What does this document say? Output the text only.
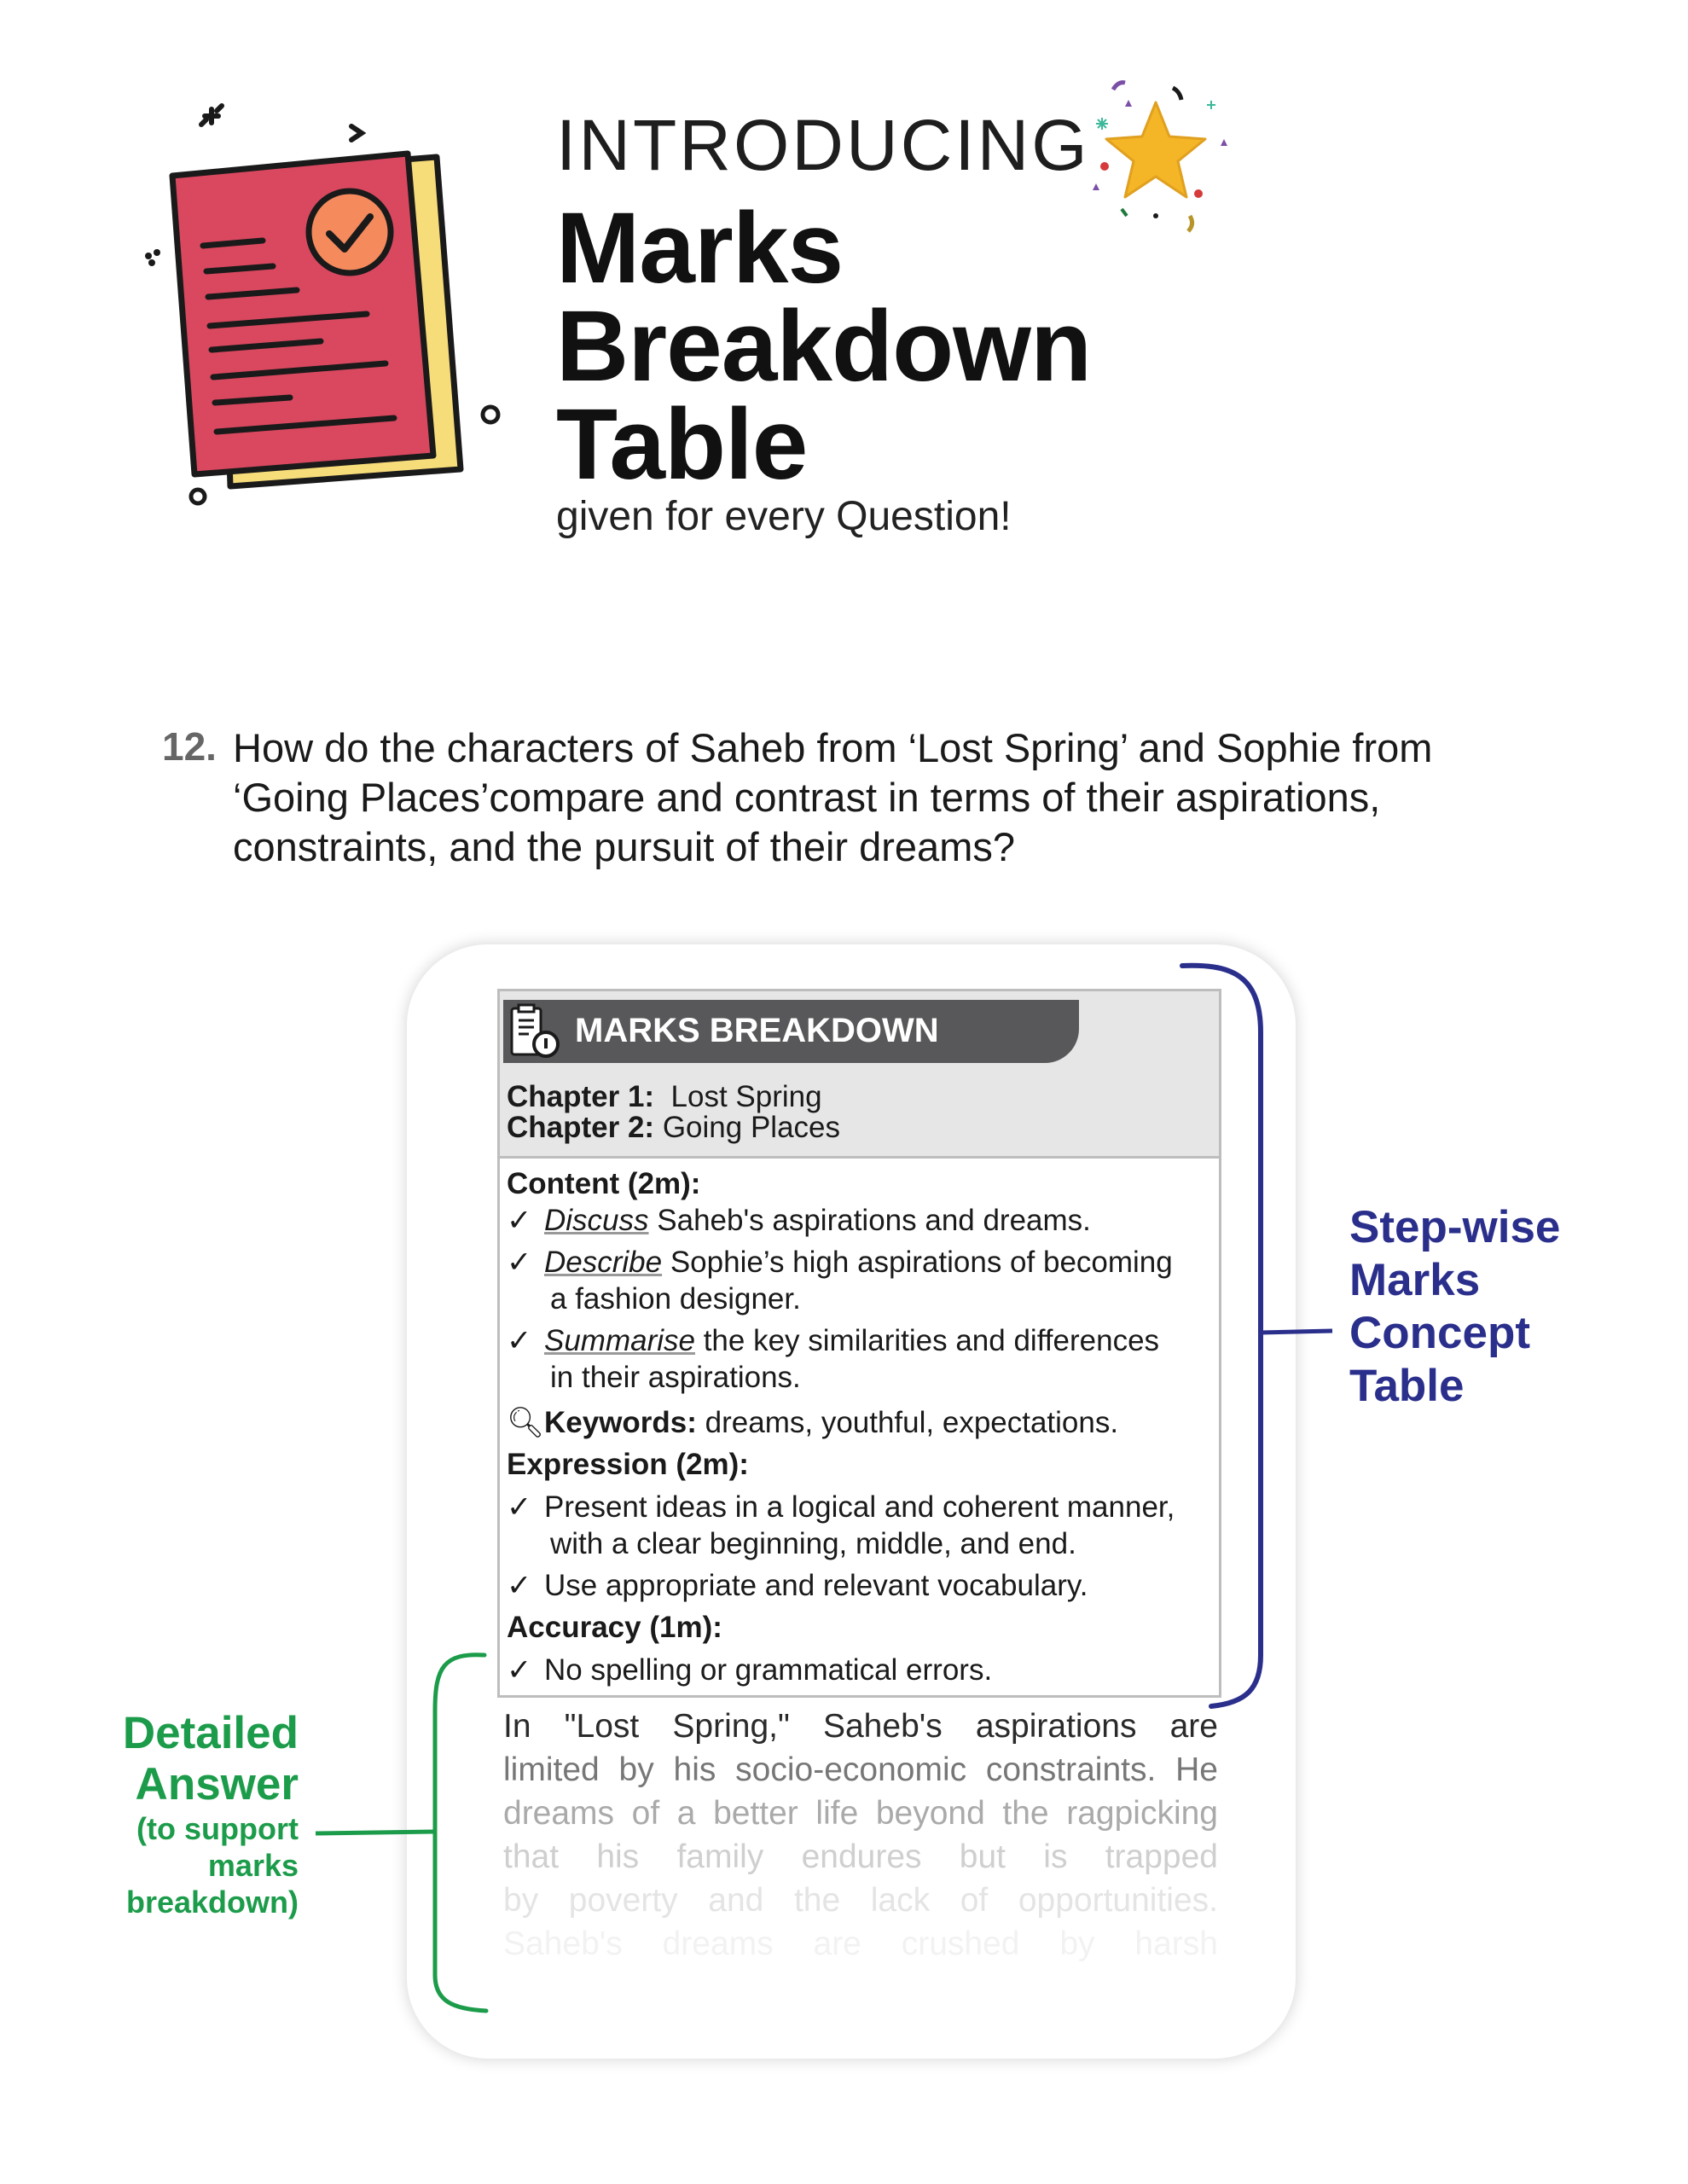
INTRODUCING
Marks
Breakdown
Table
given for every Question!
12. How do the characters of Saheb from ‘Lost Spring’ and Sophie from ‘Going Places’compare and contrast in terms of their aspirations, constraints, and the pursuit of their dreams?
MARKS BREAKDOWN
Chapter 1: Lost Spring
Chapter 2: Going Places
Content (2m):
✓ Discuss Saheb's aspirations and dreams.
✓ Describe Sophie’s high aspirations of becoming
a fashion designer.
✓ Summarise the key similarities and differences
in their aspirations.
🔍︎Keywords: dreams, youthful, expectations.
Expression (2m):
✓ Present ideas in a logical and coherent manner,
with a clear beginning, middle, and end.
✓ Use appropriate and relevant vocabulary.
Accuracy (1m):
✓ No spelling or grammatical errors.
In "Lost Spring," Saheb's aspirations are
limited by his socio-economic constraints. He
dreams of a better life beyond the ragpicking
that his family endures but is trapped
by poverty and the lack of opportunities.
Saheb's dreams are crushed by harsh
Step-wise
Marks
Concept
Table
Detailed
Answer
(to support
marks
breakdown)
